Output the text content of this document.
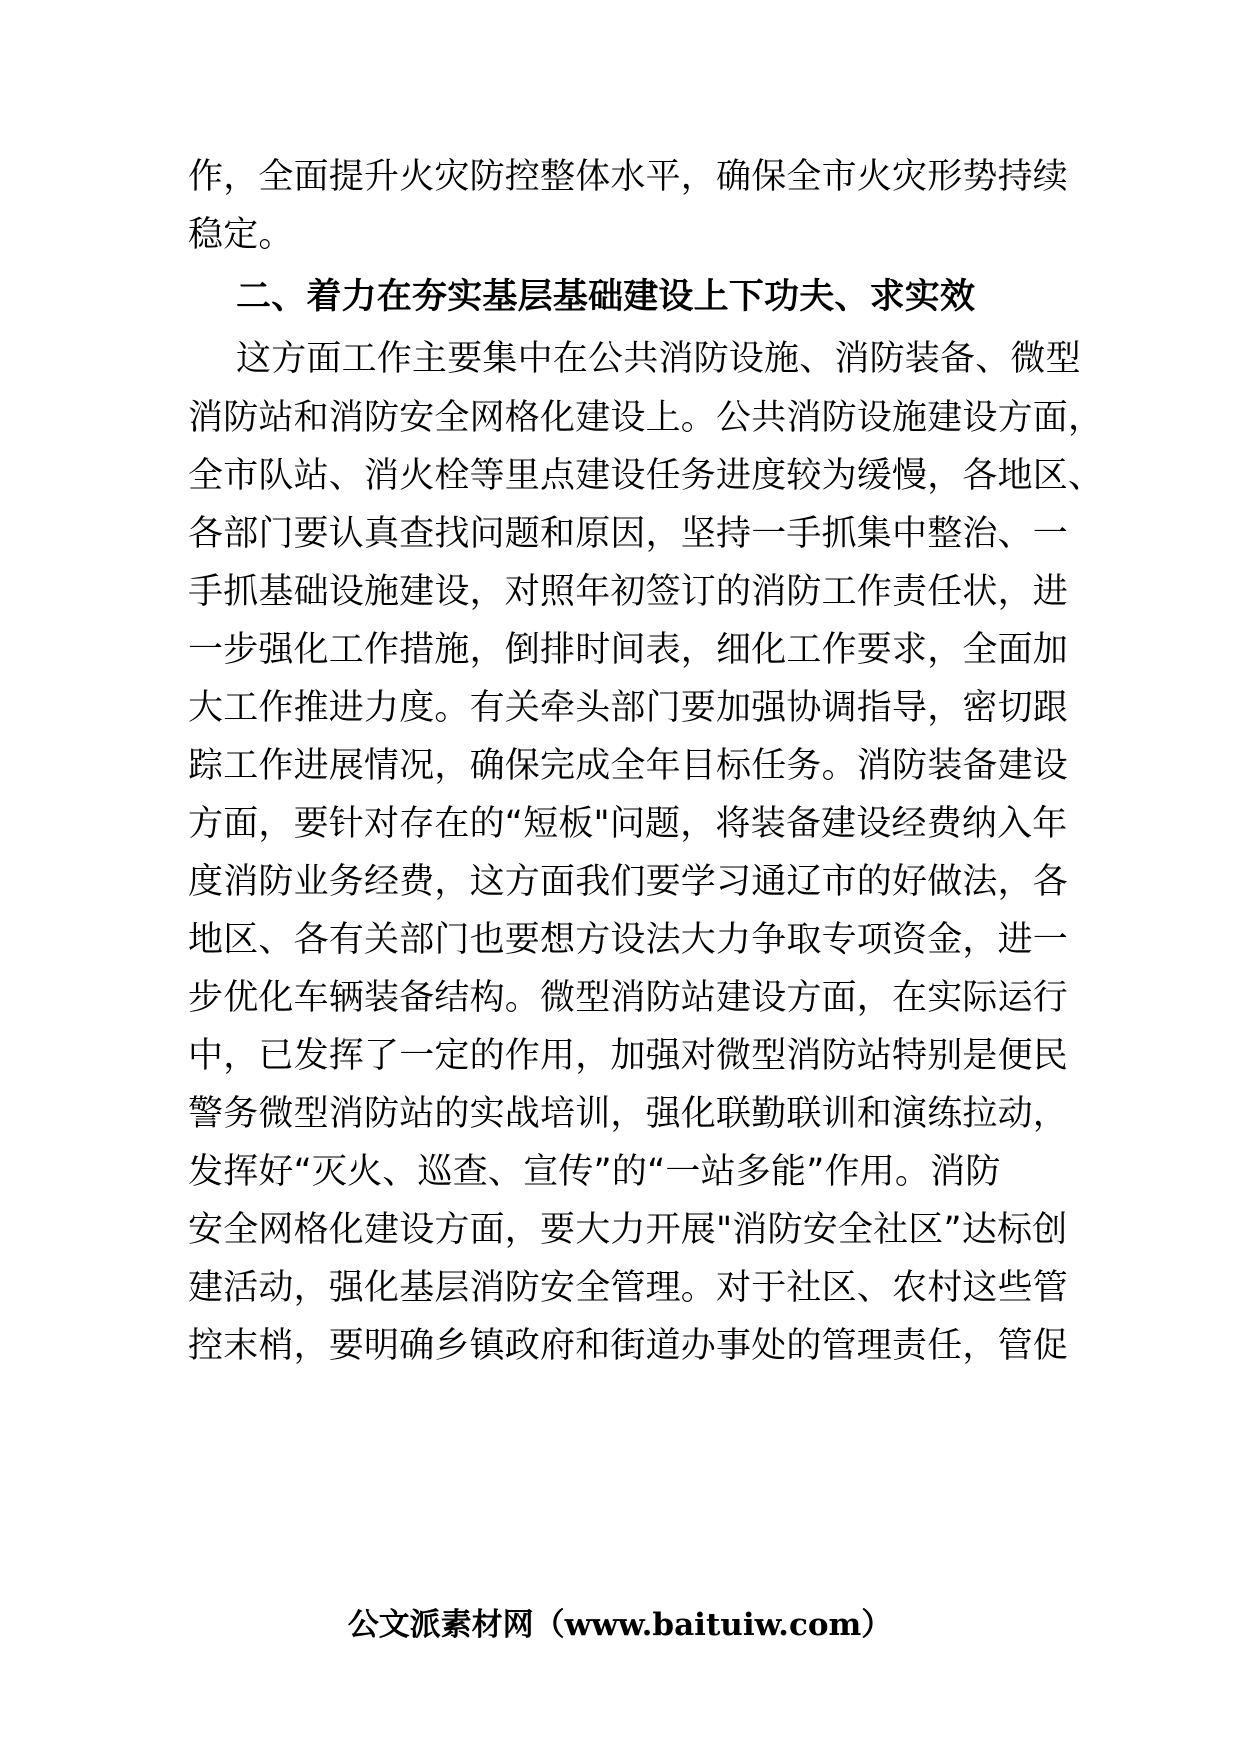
作，全面提升火灾防控整体水平，确保全市火灾形势持续
稳定。
二、着力在夯实基层基础建设上下功夫、求实效
这方面工作主要集中在公共消防设施、消防装备、微型
消防站和消防安全网格化建设上。公共消防设施建设方面，
全市队站、消火栓等里点建设任务进度较为缓慢，各地区、
各部门要认真查找问题和原因，坚持一手抓集中整治、一
手抓基础设施建设，对照年初签订的消防工作责任状，进
一步强化工作措施，倒排时间表，细化工作要求，全面加
大工作推进力度。有关牵头部门要加强协调指导，密切跟
踪工作进展情况，确保完成全年目标任务。消防装备建设
方面，要针对存在的“短板"问题，将装备建设经费纳入年
度消防业务经费，这方面我们要学习通辽市的好做法，各
地区、各有关部门也要想方设法大力争取专项资金，进一
步优化车辆装备结构。微型消防站建设方面，在实际运行
中，已发挥了一定的作用，加强对微型消防站特别是便民
警务微型消防站的实战培训，强化联勤联训和演练拉动，
发挥好“灭火、巡查、宣传”的“一站多能”作用。消防
安全网格化建设方面，要大力开展"消防安全社区”达标创
建活动，强化基层消防安全管理。对于社区、农村这些管
控末梢，要明确乡镇政府和街道办事处的管理责任，管促
公文派素材网（www.baituiw.com）
